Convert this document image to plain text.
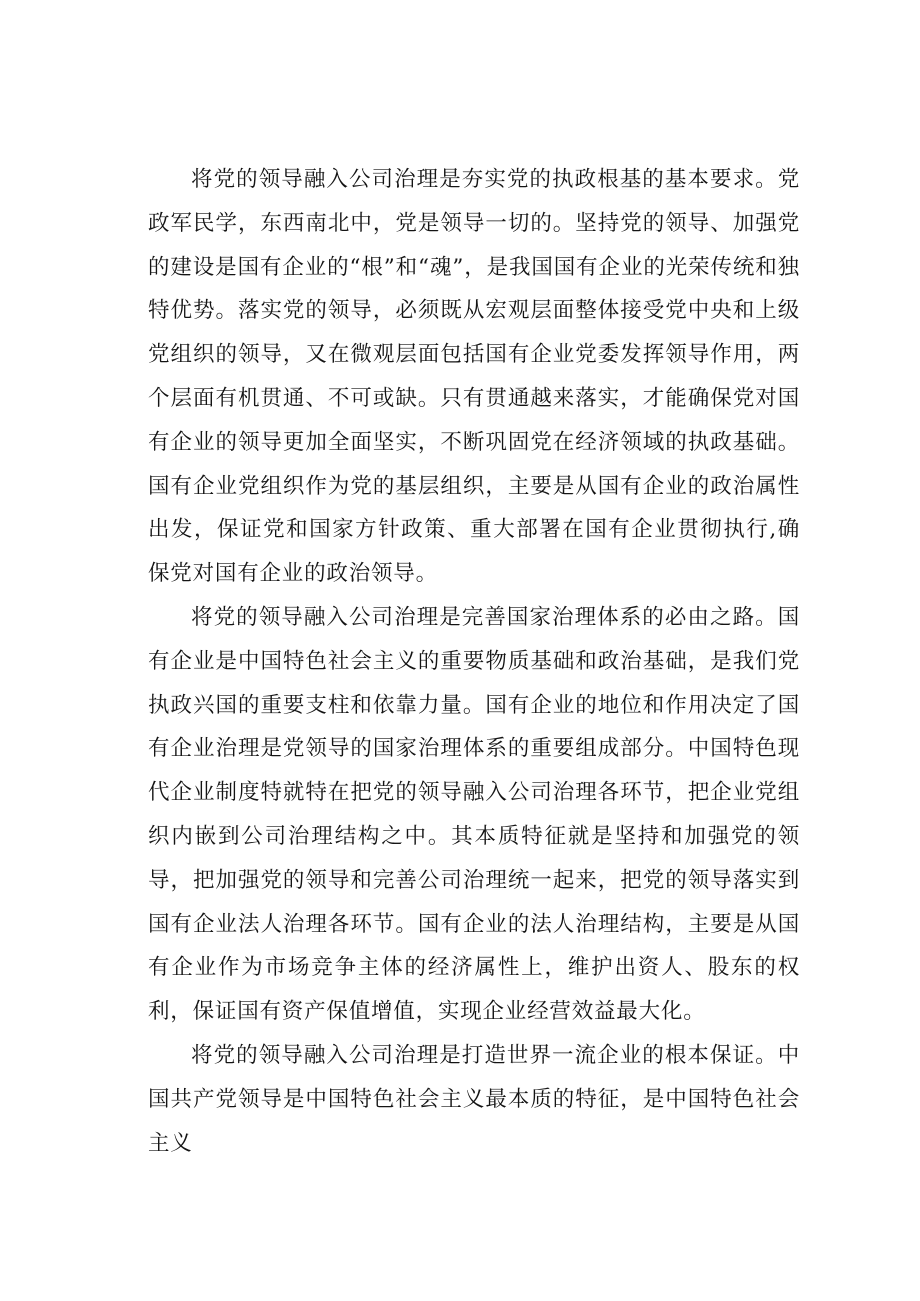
将党的领导融入公司治理是夯实党的执政根基的基本要求。党政军民学，东西南北中，党是领导一切的。坚持党的领导、加强党的建设是国有企业的“根”和“魂”，是我国国有企业的光荣传统和独特优势。落实党的领导，必须既从宏观层面整体接受党中央和上级党组织的领导，又在微观层面包括国有企业党委发挥领导作用，两个层面有机贯通、不可或缺。只有贯通越来落实，才能确保党对国有企业的领导更加全面坚实，不断巩固党在经济领域的执政基础。国有企业党组织作为党的基层组织，主要是从国有企业的政治属性出发，保证党和国家方针政策、重大部署在国有企业贯彻执行,确保党对国有企业的政治领导。

将党的领导融入公司治理是完善国家治理体系的必由之路。国有企业是中国特色社会主义的重要物质基础和政治基础，是我们党执政兴国的重要支柱和依靠力量。国有企业的地位和作用决定了国有企业治理是党领导的国家治理体系的重要组成部分。中国特色现代企业制度特就特在把党的领导融入公司治理各环节，把企业党组织内嵌到公司治理结构之中。其本质特征就是坚持和加强党的领导，把加强党的领导和完善公司治理统一起来，把党的领导落实到国有企业法人治理各环节。国有企业的法人治理结构，主要是从国有企业作为市场竞争主体的经济属性上，维护出资人、股东的权利，保证国有资产保值增值，实现企业经营效益最大化。

将党的领导融入公司治理是打造世界一流企业的根本保证。中国共产党领导是中国特色社会主义最本质的特征，是中国特色社会主义
